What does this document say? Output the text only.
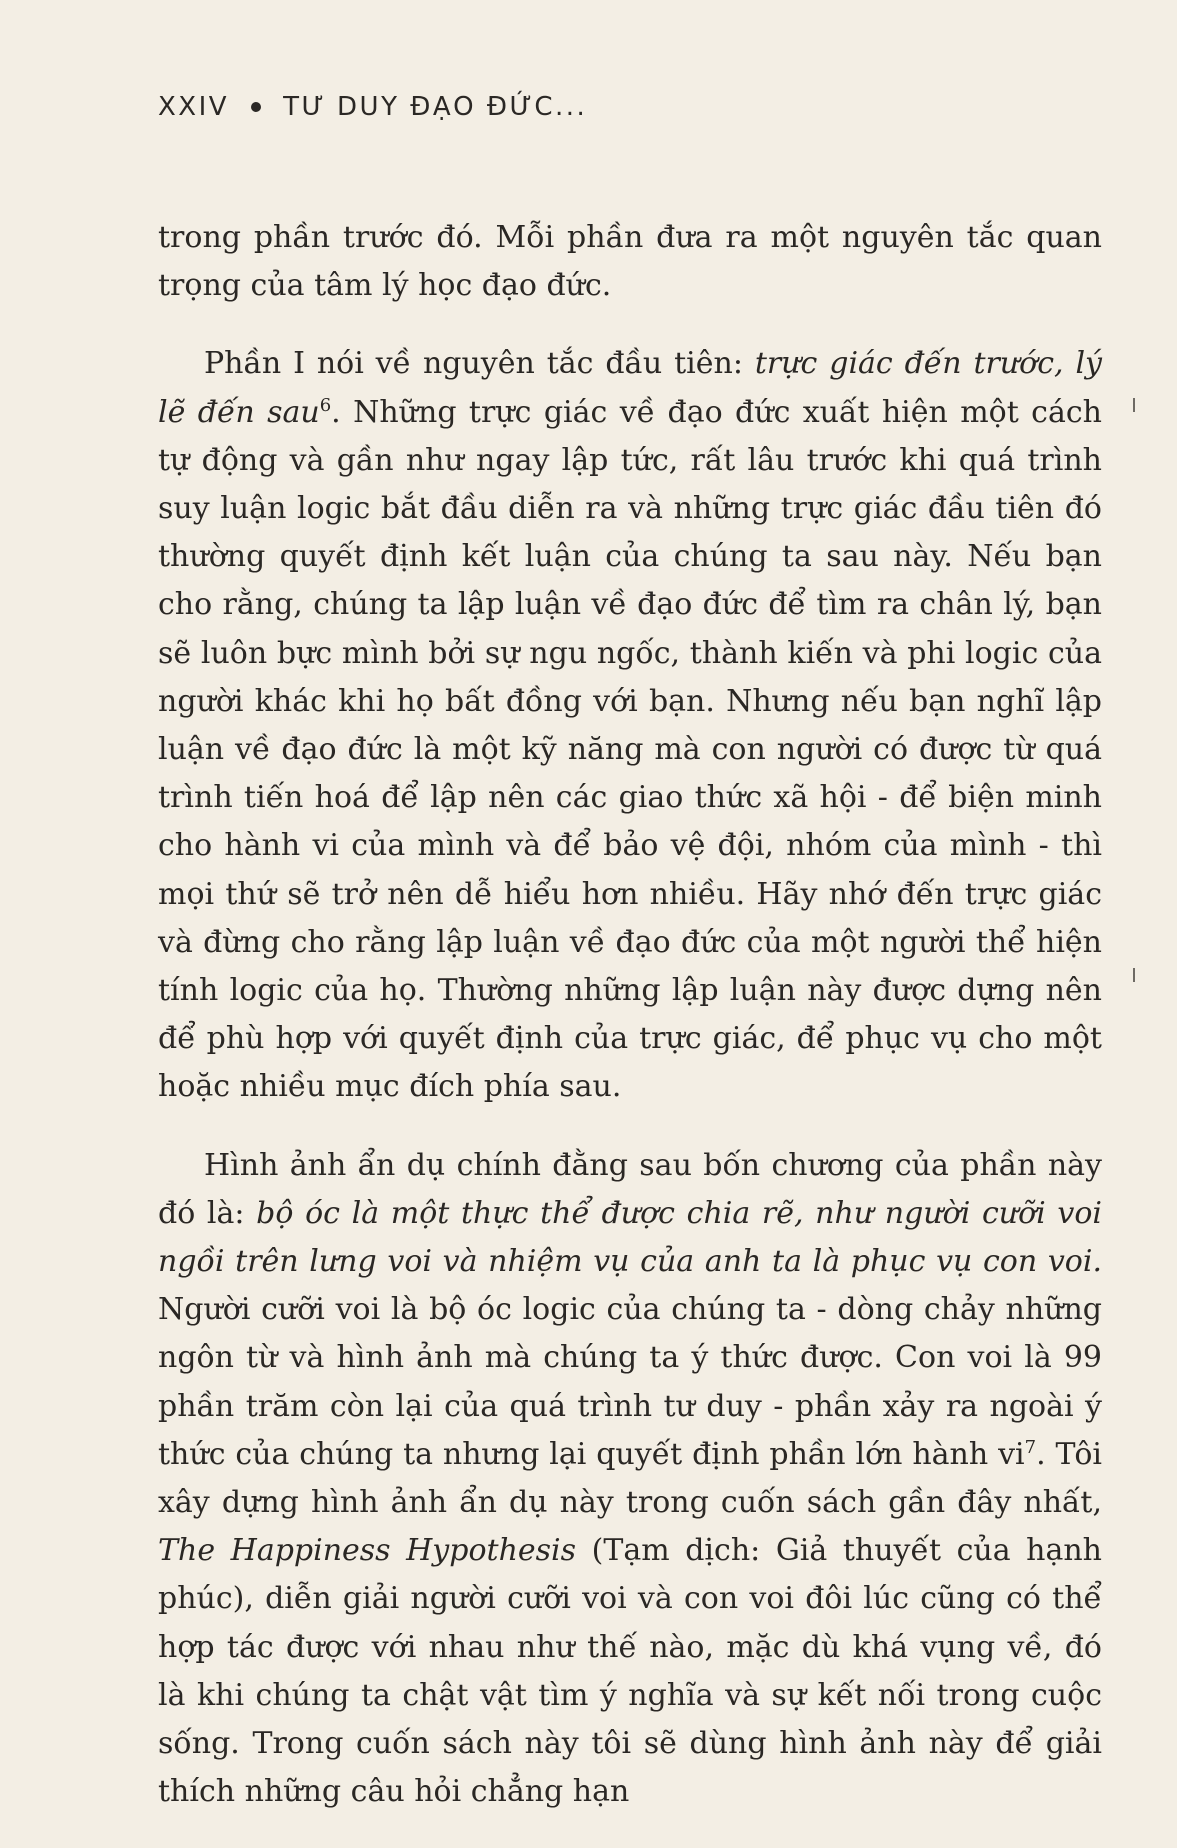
XXIV TƯ DUY ĐẠO ĐỨC...

trong phần trước đó. Mỗi phần đưa ra một nguyên tắc quan trọng của tâm lý học đạo đức.

Phần I nói về nguyên tắc đầu tiên: trực giác đến trước, lý lẽ đến sau$^6$. Những trực giác về đạo đức xuất hiện một cách tự động và gần như ngay lập tức, rất lâu trước khi quá trình suy luận logic bắt đầu diễn ra và những trực giác đầu tiên đó thường quyết định kết luận của chúng ta sau này. Nếu bạn cho rằng, chúng ta lập luận về đạo đức để tìm ra chân lý, bạn sẽ luôn bực mình bởi sự ngu ngốc, thành kiến và phi logic của người khác khi họ bất đồng với bạn. Nhưng nếu bạn nghĩ lập luận về đạo đức là một kỹ năng mà con người có được từ quá trình tiến hoá để lập nên các giao thức xã hội - để biện minh cho hành vi của mình và để bảo vệ đội, nhóm của mình - thì mọi thứ sẽ trở nên dễ hiểu hơn nhiều. Hãy nhớ đến trực giác và đừng cho rằng lập luận về đạo đức của một người thể hiện tính logic của họ. Thường những lập luận này được dựng nên để phù hợp với quyết định của trực giác, để phục vụ cho một hoặc nhiều mục đích phía sau.

Hình ảnh ẩn dụ chính đằng sau bốn chương của phần này đó là: bộ óc là một thực thể được chia rẽ, như người cưỡi voi ngồi trên lưng voi và nhiệm vụ của anh ta là phục vụ con voi. Người cưỡi voi là bộ óc logic của chúng ta - dòng chảy những ngôn từ và hình ảnh mà chúng ta ý thức được. Con voi là 99 phần trăm còn lại của quá trình tư duy - phần xảy ra ngoài ý thức của chúng ta nhưng lại quyết định phần lớn hành $vi^7$. Tôi xây dựng hình ảnh ẩn dụ này trong cuốn sách gần đây nhất, The Happiness Hypothesis (Tạm dịch: Giả thuyết của hạnh phúc), diễn giải người cưỡi voi và con voi đôi lúc cũng có thể hợp tác được với nhau như thế nào, mặc dù khá vụng về, đó là khi chúng ta chật vật tìm ý nghĩa và sự kết nối trong cuộc sống. Trong cuốn sách này tôi sẽ dùng hình ảnh này để giải thích những câu hỏi chẳng hạn
